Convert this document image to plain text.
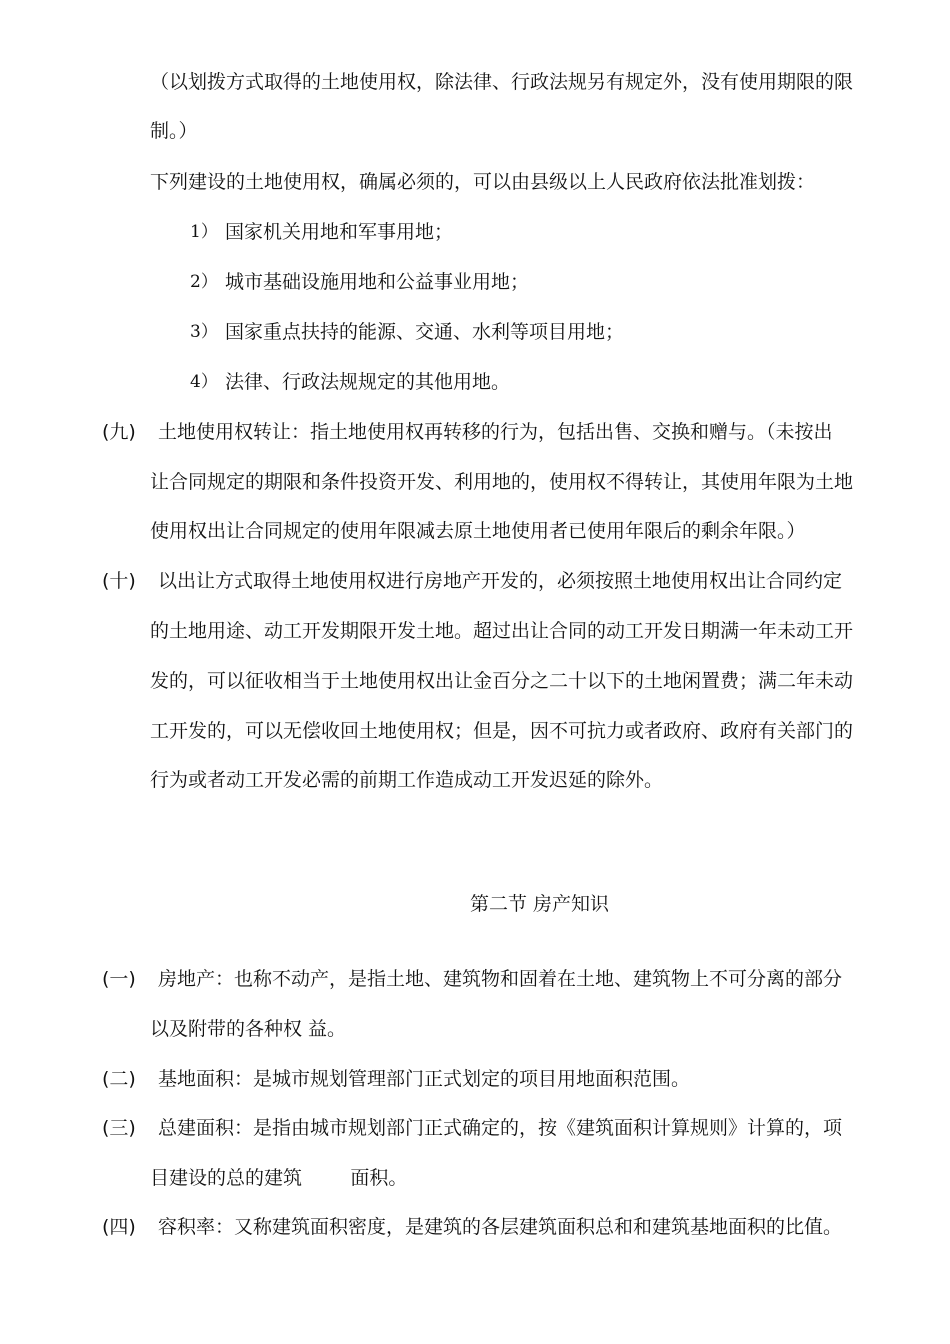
（以划拨方式取得的土地使用权，除法律、行政法规另有规定外，没有使用期限的限
制。）
下列建设的土地使用权，确属必须的，可以由县级以上人民政府依法批准划拨：
1） 国家机关用地和军事用地；
2） 城市基础设施用地和公益事业用地；
3） 国家重点扶持的能源、交通、水利等项目用地；
4） 法律、行政法规规定的其他用地。
(九) 土地使用权转让：指土地使用权再转移的行为，包括出售、交换和赠与。（未按出
让合同规定的期限和条件投资开发、利用地的，使用权不得转让，其使用年限为土地
使用权出让合同规定的使用年限减去原土地使用者已使用年限后的剩余年限。）
(十) 以出让方式取得土地使用权进行房地产开发的，必须按照土地使用权出让合同约定
的土地用途、动工开发期限开发土地。超过出让合同的动工开发日期满一年未动工开
发的，可以征收相当于土地使用权出让金百分之二十以下的土地闲置费；满二年未动
工开发的，可以无偿收回土地使用权；但是，因不可抗力或者政府、政府有关部门的
行为或者动工开发必需的前期工作造成动工开发迟延的除外。
第二节 房产知识
(一) 房地产：也称不动产，是指土地、建筑物和固着在土地、建筑物上不可分离的部分
以及附带的各种权 益。
(二) 基地面积：是城市规划管理部门正式划定的项目用地面积范围。
(三) 总建面积：是指由城市规划部门正式确定的，按《建筑面积计算规则》计算的，项
目建设的总的建筑        面积。
(四) 容积率：又称建筑面积密度，是建筑的各层建筑面积总和和建筑基地面积的比值。
